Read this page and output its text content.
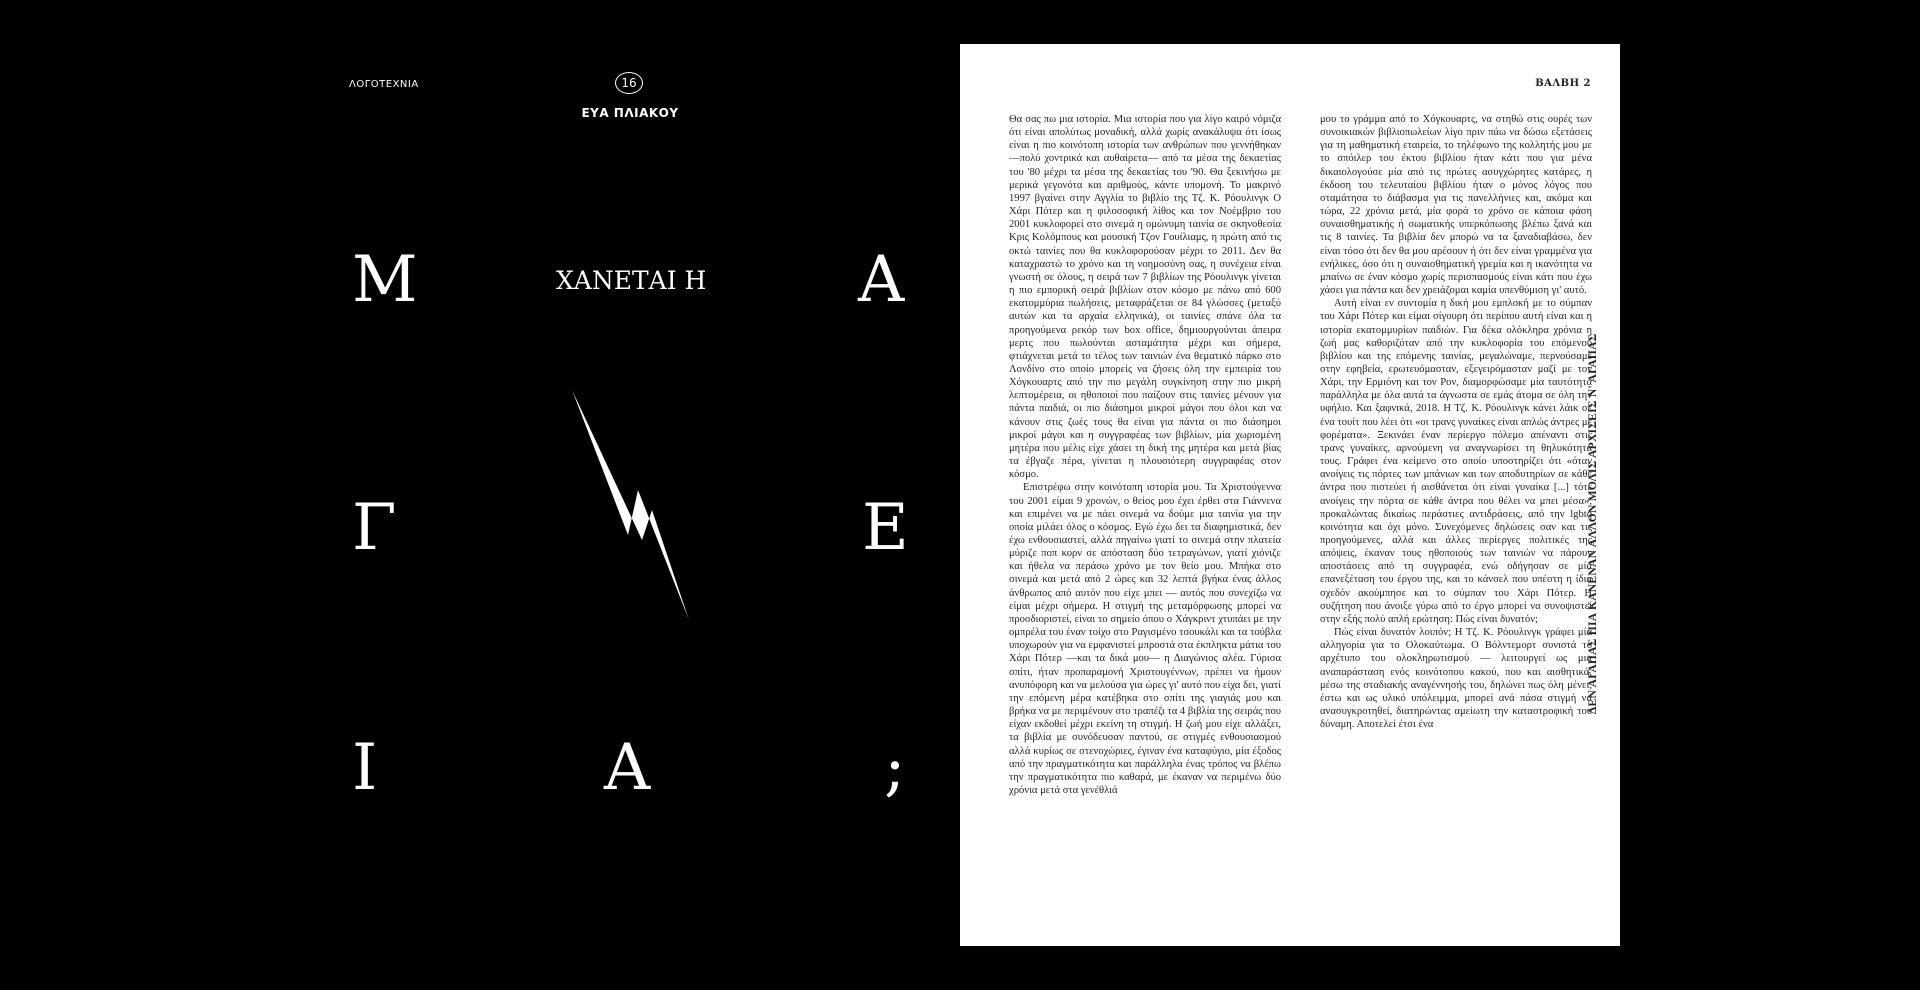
ΛΟΓΟΤΕΧΝΙΑ	16
ΕΥΑ ΠΛΙΑΚΟΥ
Μ	ΧΑΝΕΤΑΙ Η Α
Γ	Ε
Ι	Α	;
ΒΑΛΒΗ 2

Θα σας πω μια ιστορία. Μια ιστορία που για λίγο καιρό νόμιζα ότι είναι απολύτως μοναδική, αλλά χωρίς ανακάλυψα ότι ίσως είναι η πιο κοινότοπη ιστορία των ανθρώπων που γεννήθηκαν —πολύ χοντρικά και αυθαίρετα— από τα μέσα της δεκαετίας του '80 μέχρι τα μέσα της δεκαετίας του '90. Θα ξεκινήσω με μερικά γεγονότα και αριθμούς, κάντε υπομονή. Το μακρινό 1997 βγαίνει στην Αγγλία το βιβλίο της Τζ. Κ. Ρόουλινγκ Ο Χάρι Πότερ και η φιλοσοφική λίθος και τον Νοέμβριο του 2001 κυκλοφορεί στο σινεμά η ομώνυμη ταινία σε σκηνοθεσία Κρις Κολόμπους και μουσική Τζον Γουίλιαμς, η πρώτη από τις οκτώ ταινίες που θα κυκλοφορούσαν μέχρι το 2011. Δεν θα καταχραστώ το χρόνο και τη νοημοσύνη σας, η συνέχεια είναι γνωστή σε όλους, η σειρά των 7 βιβλίων της Ρόουλινγκ γίνεται η πιο εμπορική σειρά βιβλίων στον κόσμο με πάνω από 600 εκατομμύρια πωλήσεις, μεταφράζεται σε 84 γλώσσες (μεταξύ αυτών και τα αρχαία ελληνικά), οι ταινίες σπάνε όλα τα προηγούμενα ρεκόρ των box office, δημιουργούνται άπειρα μερτς που πωλούνται ασταμάτητα μέχρι και σήμερα, φτιάχνεται μετά το τέλος των ταινιών ένα θεματικό πάρκο στο Λονδίνο στο οποίο μπορείς να ζήσεις όλη την εμπειρία του Χόγκουαρτς από την πιο μεγάλη συγκίνηση στην πιο μικρή λεπτομέρεια, οι ηθοποιοί που παίζουν στις ταινίες μένουν για πάντα παιδιά, οι πιο διάσημοι μικροί μάγοι που όλοι και να κάνουν στις ζωές τους θα είναι για πάντα οι πιο διάσημοι μικροί μάγοι και η συγγραφέας των βιβλίων, μία χωρισμένη μητέρα που μέλις είχε χάσει τη δική της μητέρα και μετά βίας τα έβγαζε πέρα, γίνεται η πλουσιότερη συγγραφέας στον κόσμο.

Επιστρέφω στην κοινότοπη ιστορία μου. Τα Χριστούγεννα του 2001 είμαι 9 χρονών, ο θείος μου έχει έρθει στα Γιάννενα και επιμένει να με πάει σινεμά να δούμε μια ταινία για την οποία μιλάει όλος ο κόσμος. Εγώ έχω δει τα διαφημιστικά, δεν έχω ενθουσιαστεί, αλλά πηγαίνω γιατί το σινεμά στην πλατεία μύριζε ποπ κορν σε απόσταση δύο τετραγώνων, γιατί χιόνιζε και ήθελα να περάσω χρόνο με τον θείο μου. Μπήκα στο σινεμά και μετά από 2 ώρες και 32 λεπτά βγήκα ένας άλλος άνθρωπος από αυτόν που είχε μπει — αυτός που συνεχίζω να είμαι μέχρι σήμερα. Η στιγμή της μεταμόρφωσης μπορεί να προσδιοριστεί, είναι το σημείο όπου ο Χάγκριντ χτυπάει με την ομπρέλα του έναν τοίχο στο Ραγισμένο τσουκάλι και τα τούβλα υποχωρούν για να εμφανιστεί μπροστά στα έκπληκτα μάτια του Χάρι Πότερ —και τα δικά μου— η Διαγώνιος αλέα. Γύρισα σπίτι, ήταν προπαραμονή Χριστουγέννων, πρέπει να ήμουν ανυπόφορη και να μελούσα για ώρες γι' αυτό που είχα δει, γιατί την επόμενη μέρα κατέβηκα στο σπίτι της γιαγιάς μου και βρήκα να με περιμένουν στο τραπέζι τα 4 βιβλία της σειράς που είχαν εκδοθεί μέχρι εκείνη τη στιγμή. Η ζωή μου είχε αλλάξει, τα βιβλία με συνόδευσαν παντού, σε στιγμές ενθουσιασμού αλλά κυρίως σε στενοχώριες, έγιναν ένα καταφύγιο, μία έξοδος από την πραγματικότητα και παράλληλα ένας τρόπος να βλέπω την πραγματικότητα πιο καθαρά, με έκαναν να περιμένω δύο χρόνια μετά στα γενέθλιά

μου το γράμμα από το Χόγκουαρτς, να στηθώ στις ουρές των συνοικιακών βιβλιοπωλείων λίγο πριν πάω να δώσω εξετάσεις για τη μαθηματική εταιρεία, το τηλέφωνο της κολλητής μου με το σπόιλερ του έκτου βιβλίου ήταν κάτι που για μένα δικαιολογούσε μία από τις πρώτες ασυγχώρητες κατάρες, η έκδοση του τελευταίου βιβλίου ήταν ο μόνος λόγος που σταμάτησα το διάβασμα για τις πανελλήνιες και, ακόμα και τώρα, 22 χρόνια μετά, μία φορά το χρόνο σε κάποια φάση συναισθηματικής ή σωματικής υπερκόπωσης βλέπω ξανά και τις 8 ταινίες. Τα βιβλία δεν μπορώ να τα ξαναδιαβάσω, δεν είναι τόσο ότι δεν θα μου αρέσουν ή ότι δεν είναι γραμμένα για ενήλικες, όσο ότι η συναισθηματική γρεμία και η ικανότητα να μπαίνω σε έναν κόσμο χωρίς περισπασμούς είναι κάτι που έχω χάσει για πάντα και δεν χρειάζομαι καμία υπενθύμιση γι' αυτό.

Αυτή είναι εν συντομία η δική μου εμπλοκή με το σύμπαν του Χάρι Πότερ και είμαι σίγουρη ότι περίπου αυτή είναι και η ιστορία εκατομμυρίων παιδιών. Για δέκα ολόκληρα χρόνια η ζωή μας καθοριζόταν από την κυκλοφορία του επόμενου βιβλίου και της επόμενης ταινίας, μεγαλώναμε, περνούσαμε στην εφηβεία, ερωτευόμασταν, εξεγειρόμασταν μαζί με τον Χάρι, την Ερμιόνη και τον Ρον, διαμορφώσαμε μία ταυτότητα παράλληλα με όλα αυτά τα άγνωστα σε εμάς άτομα σε όλη την υφήλιο. Και ξαφνικά, 2018. Η Τζ. Κ. Ρόουλινγκ κάνει λάικ σε ένα τουίτ που λέει ότι «οι τρανς γυναίκες είναι απλώς άντρες με φορέματα». Ξεκινάει έναν περίεργο πόλεμο απέναντι στις τρανς γυναίκες, αρνούμενη να αναγνωρίσει τη θηλυκότητά τους. Γράφει ένα κείμενο στο οποίο υποστηρίζει ότι «όταν ανοίγεις τις πόρτες των μπάνιων και των αποδυτηρίων σε κάθε άντρα που πιστεύει ή αισθάνεται ότι είναι γυναίκα [...] τότε ανοίγεις την πόρτα σε κάθε άντρα που θέλει να μπει μέσα», προκαλώντας δικαίως περάστιες αντιδράσεις, από την lgbtq κοινότητα και όχι μόνο. Συνεχόμενες δηλώσεις σαν και τις προηγούμενες, αλλά και άλλες περίεργες πολιτικές της απόψεις, έκαναν τους ηθοποιούς των ταινιών να πάρουν αποστάσεις από τη συγγραφέα, ενώ οδήγησαν σε μία επανεξέταση του έργου της, και το κάνσελ που υπέστη η ίδια σχεδόν ακούμπησε και το σύμπαν του Χάρι Πότερ. Η συζήτηση που άνοιξε γύρω από το έργο μπορεί να συνοψιστεί στην εξής πολύ απλή ερώτηση: Πώς είναι δυνατόν;

Πώς είναι δυνατόν λοιπόν; Η Τζ. Κ. Ρόουλινγκ γράφει μία αλληγορία για το Ολοκαύτωμα. Ο Βόλντεμορτ συνιστά το αρχέτυπο του ολοκληρωτισμού — λειτουργεί ως μια αναπαράσταση ενός κοινότοπου κακού, που και αισθητικά, μέσω της σταδιακής αναγέννησής του, δηλώνει πως όλη μένει, έστω και ως υλικό υπόλειμμα, μπορεί ανά πάσα στιγμή να ανασυγκροτηθεί, διατηρώντας αμείωτη την καταστροφική του δύναμη. Αποτελεί έτσι ένα

ΔΕΝ ΑΓΑΠΑΣ ΠΙΑ ΚΑΝΕΝΑΝ ΑΛΛΟΝ ΜΟΛΙΣ ΑΡΧΙΣΕΙΣ Ν' ΑΓΑΠΑΣ
